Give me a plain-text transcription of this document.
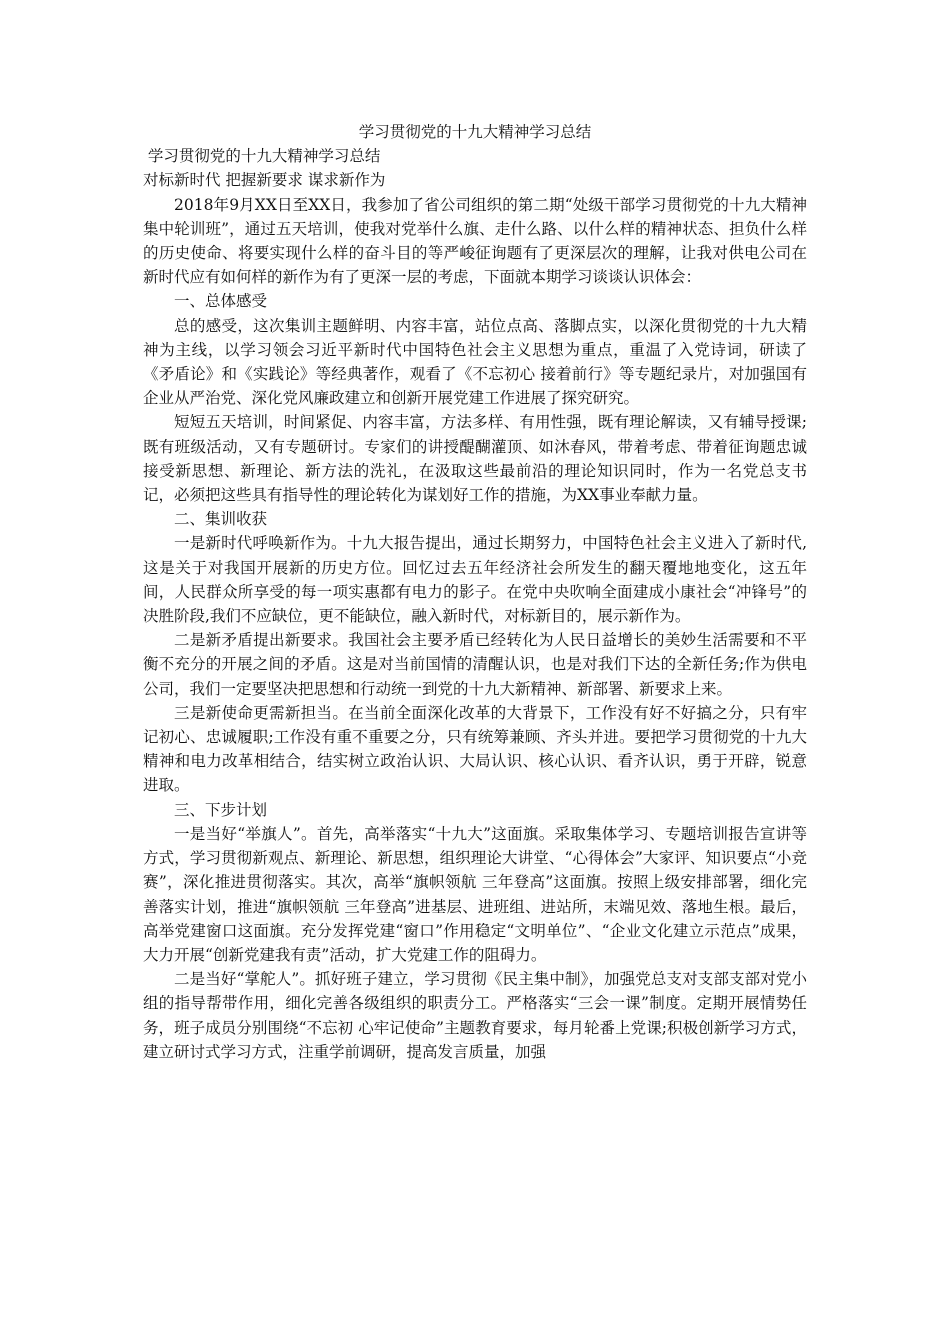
学习贯彻党的十九大精神学习总结

学习贯彻党的十九大精神学习总结

对标新时代 把握新要求 谋求新作为

2018年9月XX日至XX日，我参加了省公司组织的第二期“处级干部学习贯彻党的十九大精神集中轮训班”，通过五天培训，使我对党举什么旗、走什么路、以什么样的精神状态、担负什么样的历史使命、将要实现什么样的奋斗目的等严峻征询题有了更深层次的理解，让我对供电公司在新时代应有如何样的新作为有了更深一层的考虑，下面就本期学习谈谈认识体会：

一、总体感受

总的感受，这次集训主题鲜明、内容丰富，站位点高、落脚点实，以深化贯彻党的十九大精神为主线，以学习领会习近平新时代中国特色社会主义思想为重点，重温了入党诗词，研读了《矛盾论》和《实践论》等经典著作，观看了《不忘初心 接着前行》等专题纪录片，对加强国有企业从严治党、深化党风廉政建立和创新开展党建工作进展了探究研究。

短短五天培训，时间紧促、内容丰富，方法多样、有用性强，既有理论解读，又有辅导授课;既有班级活动，又有专题研讨。专家们的讲授醍醐灌顶、如沐春风，带着考虑、带着征询题忠诚接受新思想、新理论、新方法的洗礼，在汲取这些最前沿的理论知识同时，作为一名党总支书记，必须把这些具有指导性的理论转化为谋划好工作的措施，为XX事业奉献力量。

二、集训收获

一是新时代呼唤新作为。十九大报告提出，通过长期努力，中国特色社会主义进入了新时代,这是关于对我国开展新的历史方位。回忆过去五年经济社会所发生的翻天覆地地变化，这五年间，人民群众所享受的每一项实惠都有电力的影子。在党中央吹响全面建成小康社会“冲锋号”的决胜阶段,我们不应缺位，更不能缺位，融入新时代，对标新目的，展示新作为。

二是新矛盾提出新要求。我国社会主要矛盾已经转化为人民日益增长的美妙生活需要和不平衡不充分的开展之间的矛盾。这是对当前国情的清醒认识，也是对我们下达的全新任务;作为供电公司，我们一定要坚决把思想和行动统一到党的十九大新精神、新部署、新要求上来。

三是新使命更需新担当。在当前全面深化改革的大背景下，工作没有好不好搞之分，只有牢记初心、忠诚履职;工作没有重不重要之分，只有统筹兼顾、齐头并进。要把学习贯彻党的十九大精神和电力改革相结合，结实树立政治认识、大局认识、核心认识、看齐认识，勇于开辟，锐意进取。

三、下步计划

一是当好“举旗人”。首先，高举落实“十九大”这面旗。采取集体学习、专题培训报告宣讲等方式，学习贯彻新观点、新理论、新思想，组织理论大讲堂、“心得体会”大家评、知识要点“小竞赛”，深化推进贯彻落实。其次，高举“旗帜领航 三年登高”这面旗。按照上级安排部署，细化完善落实计划，推进“旗帜领航 三年登高”进基层、进班组、进站所，末端见效、落地生根。最后，高举党建窗口这面旗。充分发挥党建“窗口”作用稳定“文明单位”、“企业文化建立示范点”成果，大力开展“创新党建我有责”活动，扩大党建工作的阻碍力。

二是当好“掌舵人”。抓好班子建立，学习贯彻《民主集中制》，加强党总支对支部支部对党小组的指导帮带作用，细化完善各级组织的职责分工。严格落实“三会一课”制度。定期开展情势任务，班子成员分别围绕“不忘初 心牢记使命”主题教育要求，每月轮番上党课;积极创新学习方式，建立研讨式学习方式，注重学前调研，提高发言质量，加强
